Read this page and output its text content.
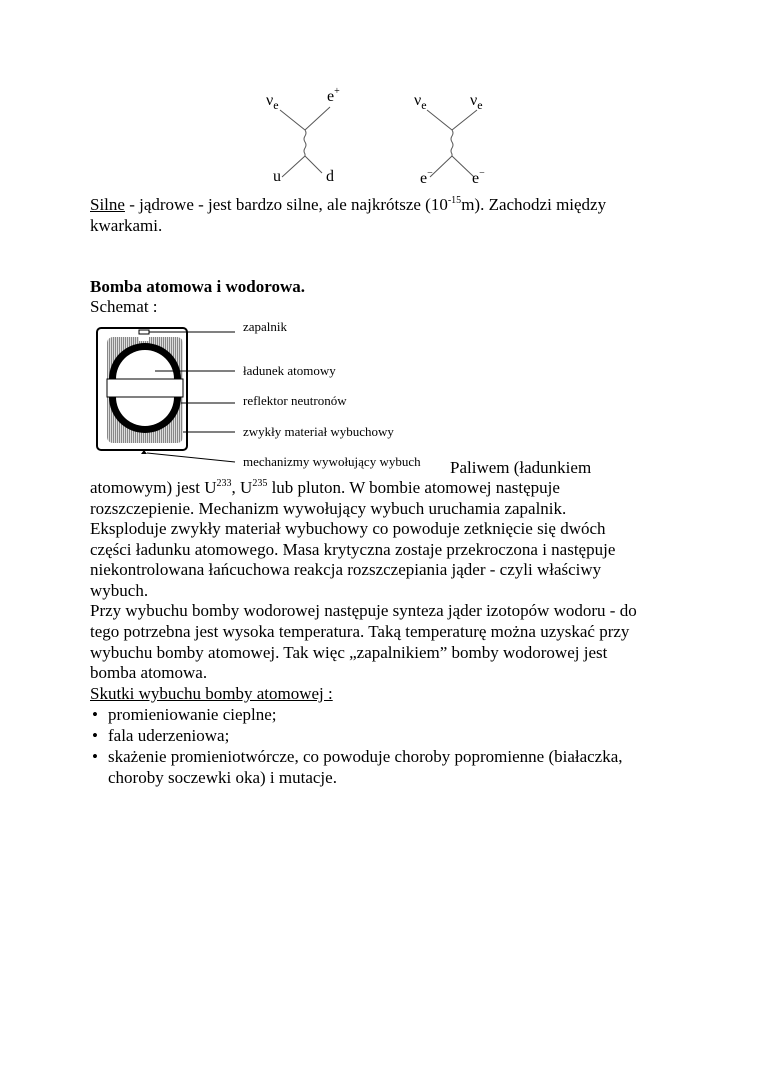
$\nu_e$
e+
u	d
$\nu_e$	$\nu_e$
e− e−
Silne - jądrowe - jest bardzo silne, ale najkrótsze $(10^{-15}m)$. Zachodzi między
kwarkami.
Bomba atomowa i wodorowa.
Schemat :
zapalnik
ładunek atomowy
reflektor neutronów
zwykły materiał wybuchowy
mechanizmy wywołujący wybuch Paliwem (ładunkiem
atomowym) jest $U^{233}$, $U^{235}$ lub pluton. W bombie atomowej następuje
rozszczepienie. Mechanizm wywołujący wybuch uruchamia zapalnik.
Eksploduje zwykły materiał wybuchowy co powoduje zetknięcie się dwóch
części ładunku atomowego. Masa krytyczna zostaje przekroczona i następuje
niekontrolowana łańcuchowa reakcja rozszczepiania jąder - czyli właściwy
wybuch.
Przy wybuchu bomby wodorowej następuje synteza jąder izotopów wodoru - do
tego potrzebna jest wysoka temperatura. Taką temperaturę można uzyskać przy
wybuchu bomby atomowej. Tak więc „zapalnikiem” bomby wodorowej jest
bomba atomowa.
Skutki wybuchu bomby atomowej :
• promieniowanie cieplne;
• fala uderzeniowa;
• skażenie promieniotwórcze, co powoduje choroby popromienne (białaczka,
choroby soczewki oka) i mutacje.
